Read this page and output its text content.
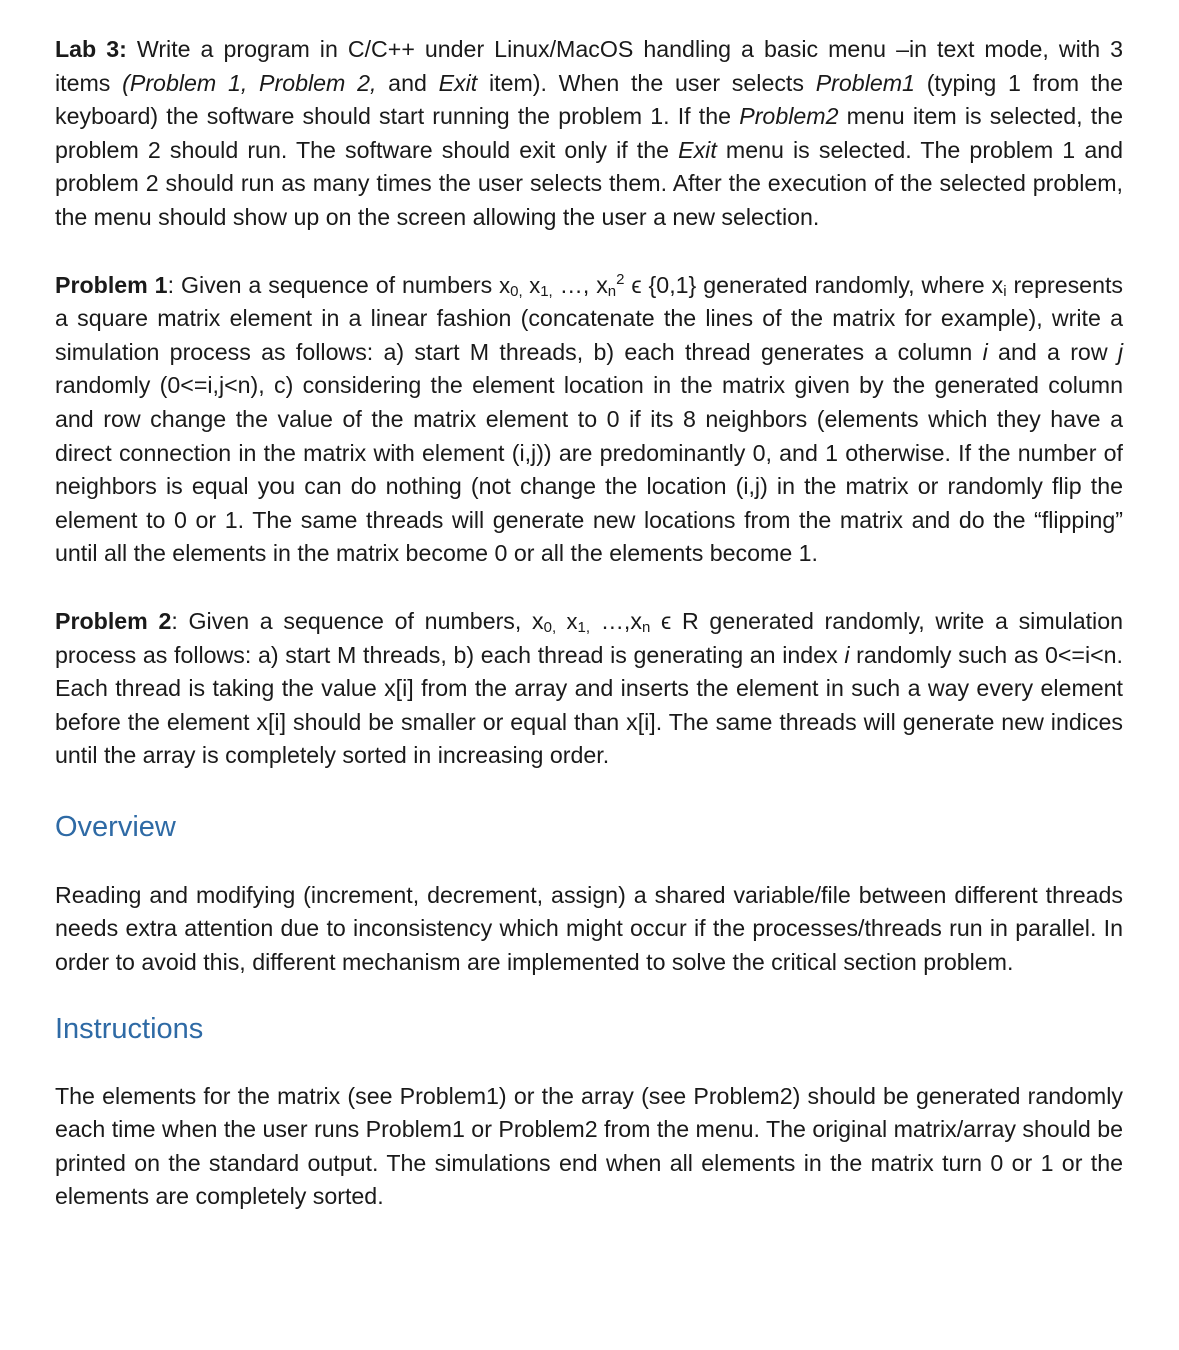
Lab 3: Write a program in C/C++ under Linux/MacOS handling a basic menu –in text mode, with 3 items (Problem 1, Problem 2, and Exit item). When the user selects Problem1 (typing 1 from the keyboard) the software should start running the problem 1. If the Problem2 menu item is selected, the problem 2 should run. The software should exit only if the Exit menu is selected. The problem 1 and problem 2 should run as many times the user selects them. After the execution of the selected problem, the menu should show up on the screen allowing the user a new selection.

Problem 1: Given a sequence of numbers $x_{0,}$ $x_{1,}$ …, $x_n^2$ ϵ {0,1} generated randomly, where $x_i$ represents a square matrix element in a linear fashion (concatenate the lines of the matrix for example), write a simulation process as follows: a) start M threads, b) each thread generates a column i and a row j randomly (0<=i,j<n), c) considering the element location in the matrix given by the generated column and row change the value of the matrix element to 0 if its 8 neighbors (elements which they have a direct connection in the matrix with element (i,j)) are predominantly 0, and 1 otherwise. If the number of neighbors is equal you can do nothing (not change the location (i,j) in the matrix or randomly flip the element to 0 or 1. The same threads will generate new locations from the matrix and do the “flipping” until all the elements in the matrix become 0 or all the elements become 1.

Problem 2: Given a sequence of numbers, $x_{0,}$ $x_{1,}$ $\dots,x_n$ ϵ R generated randomly, write a simulation process as follows: a) start M threads, b) each thread is generating an index i randomly such as 0<=i<n. Each thread is taking the value x[i] from the array and inserts the element in such a way every element before the element x[i] should be smaller or equal than x[i]. The same threads will generate new indices until the array is completely sorted in increasing order.

Overview

Reading and modifying (increment, decrement, assign) a shared variable/file between different threads needs extra attention due to inconsistency which might occur if the processes/threads run in parallel. In order to avoid this, different mechanism are implemented to solve the critical section problem.

Instructions

The elements for the matrix (see Problem1) or the array (see Problem2) should be generated randomly each time when the user runs Problem1 or Problem2 from the menu. The original matrix/array should be printed on the standard output. The simulations end when all elements in the matrix turn 0 or 1 or the elements are completely sorted.
